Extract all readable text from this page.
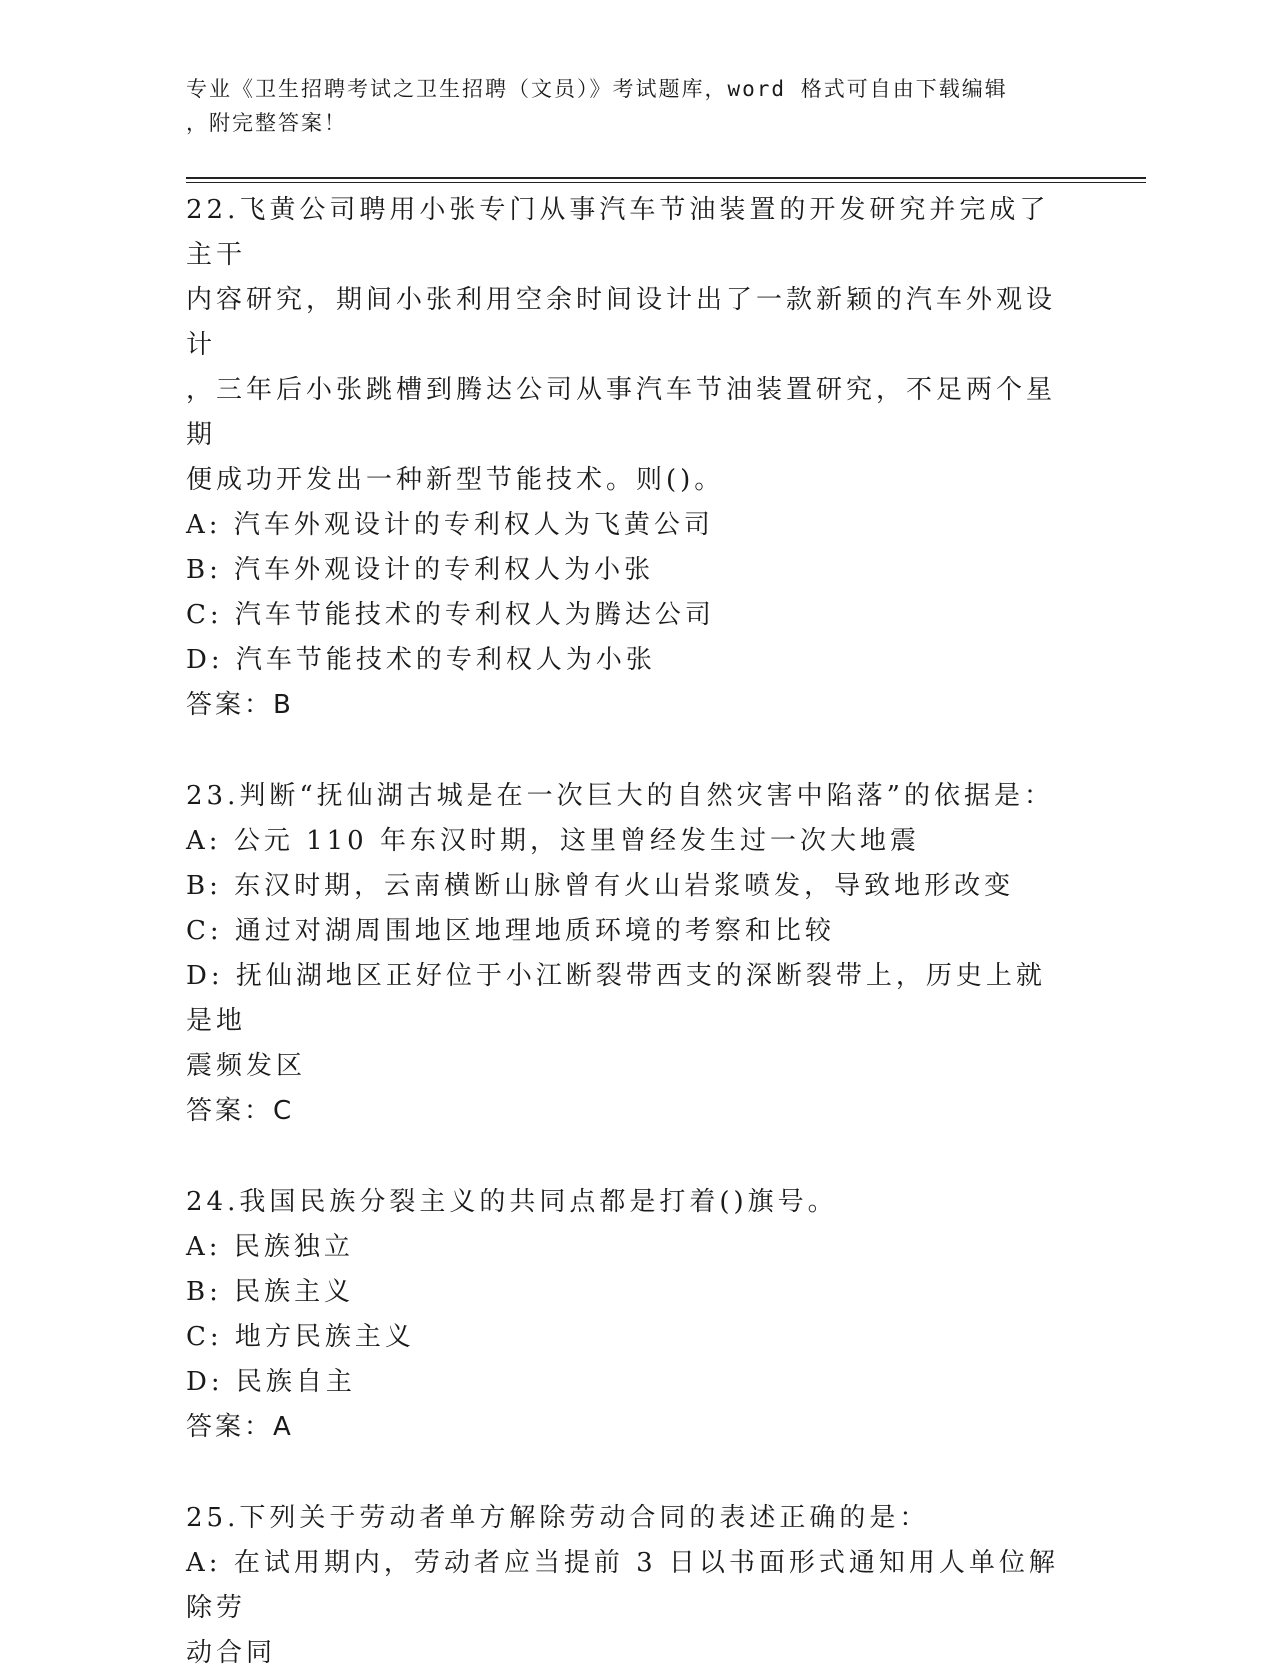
专业《卫生招聘考试之卫生招聘（文员）》考试题库，word 格式可自由下载编辑
，附完整答案！

22.飞黄公司聘用小张专门从事汽车节油装置的开发研究并完成了主干

内容研究，期间小张利用空余时间设计出了一款新颖的汽车外观设计

，三年后小张跳槽到腾达公司从事汽车节油装置研究，不足两个星期

便成功开发出一种新型节能技术。则()。

A: 汽车外观设计的专利权人为飞黄公司

B: 汽车外观设计的专利权人为小张

C: 汽车节能技术的专利权人为腾达公司

D: 汽车节能技术的专利权人为小张

答案：B

23.判断“抚仙湖古城是在一次巨大的自然灾害中陷落”的依据是：

A: 公元 110 年东汉时期，这里曾经发生过一次大地震

B: 东汉时期，云南横断山脉曾有火山岩浆喷发，导致地形改变

C: 通过对湖周围地区地理地质环境的考察和比较

D: 抚仙湖地区正好位于小江断裂带西支的深断裂带上，历史上就是地

震频发区

答案：C

24.我国民族分裂主义的共同点都是打着()旗号。

A: 民族独立

B: 民族主义

C: 地方民族主义

D: 民族自主

答案：A

25.下列关于劳动者单方解除劳动合同的表述正确的是：

A: 在试用期内，劳动者应当提前 3 日以书面形式通知用人单位解除劳

动合同
